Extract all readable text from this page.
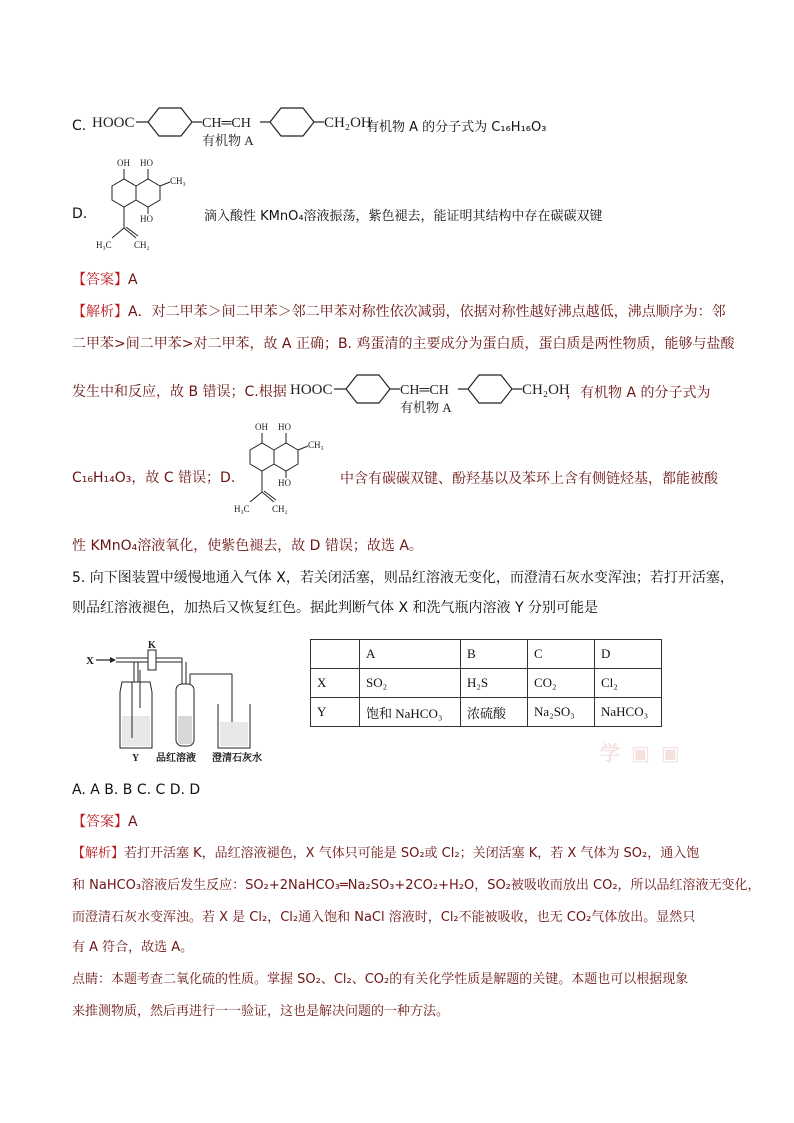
C. HOOC	CH═CH
有机物 A
CH₂OH
有机物 A 的分子式为 C₁₆H₁₆O₃
D.
OH HO
CH₃
HO
H₃C CH₂
滴入酸性 KMnO₄溶液振荡，紫色褪去，能证明其结构中存在碳碳双键
【答案】A
【解析】A．对二甲苯＞间二甲苯＞邻二甲苯对称性依次减弱，依据对称性越好沸点越低，沸点顺序为：邻
二甲苯>间二甲苯>对二甲苯，故 A 正确；B. 鸡蛋清的主要成分为蛋白质，蛋白质是两性物质，能够与盐酸
发生中和反应，故 B 错误；C.根据 HOOC	CH═CH
有机物 A
CH₂OH
，有机物 A 的分子式为
C₁₆H₁₄O₃，故 C 错误；D.
OH HO
CH₃
HO
H₃C CH₂
中含有碳碳双键、酚羟基以及苯环上含有侧链烃基，都能被酸
性 KMnO₄溶液氧化，使紫色褪去，故 D 错误；故选 A。
5. 向下图装置中缓慢地通入气体 X，若关闭活塞，则品红溶液无变化，而澄清石灰水变浑浊；若打开活塞，
则品红溶液褪色，加热后又恢复红色。据此判断气体 X 和洗气瓶内溶液 Y 分别可能是
X
K
Y 品红溶液 澄清石灰水
	A	B	C	D
X	SO₂	H₂S	CO₂	Cl₂
Y	饱和 NaHCO₃	浓硫酸	Na₂SO₃	NaHCO₃
学 ▣ ▣
A. A B. B C. C D. D
【答案】A
【解析】若打开活塞 K，品红溶液褪色，X 气体只可能是 SO₂或 Cl₂；关闭活塞 K，若 X 气体为 SO₂，通入饱
和 NaHCO₃溶液后发生反应：SO₂+2NaHCO₃═Na₂SO₃+2CO₂+H₂O，SO₂被吸收而放出 CO₂，所以品红溶液无变化，
而澄清石灰水变浑浊。若 X 是 Cl₂，Cl₂通入饱和 NaCl 溶液时，Cl₂不能被吸收，也无 CO₂气体放出。显然只
有 A 符合，故选 A。
点睛：本题考查二氧化硫的性质。掌握 SO₂、Cl₂、CO₂的有关化学性质是解题的关键。本题也可以根据现象
来推测物质，然后再进行一一验证，这也是解决问题的一种方法。
